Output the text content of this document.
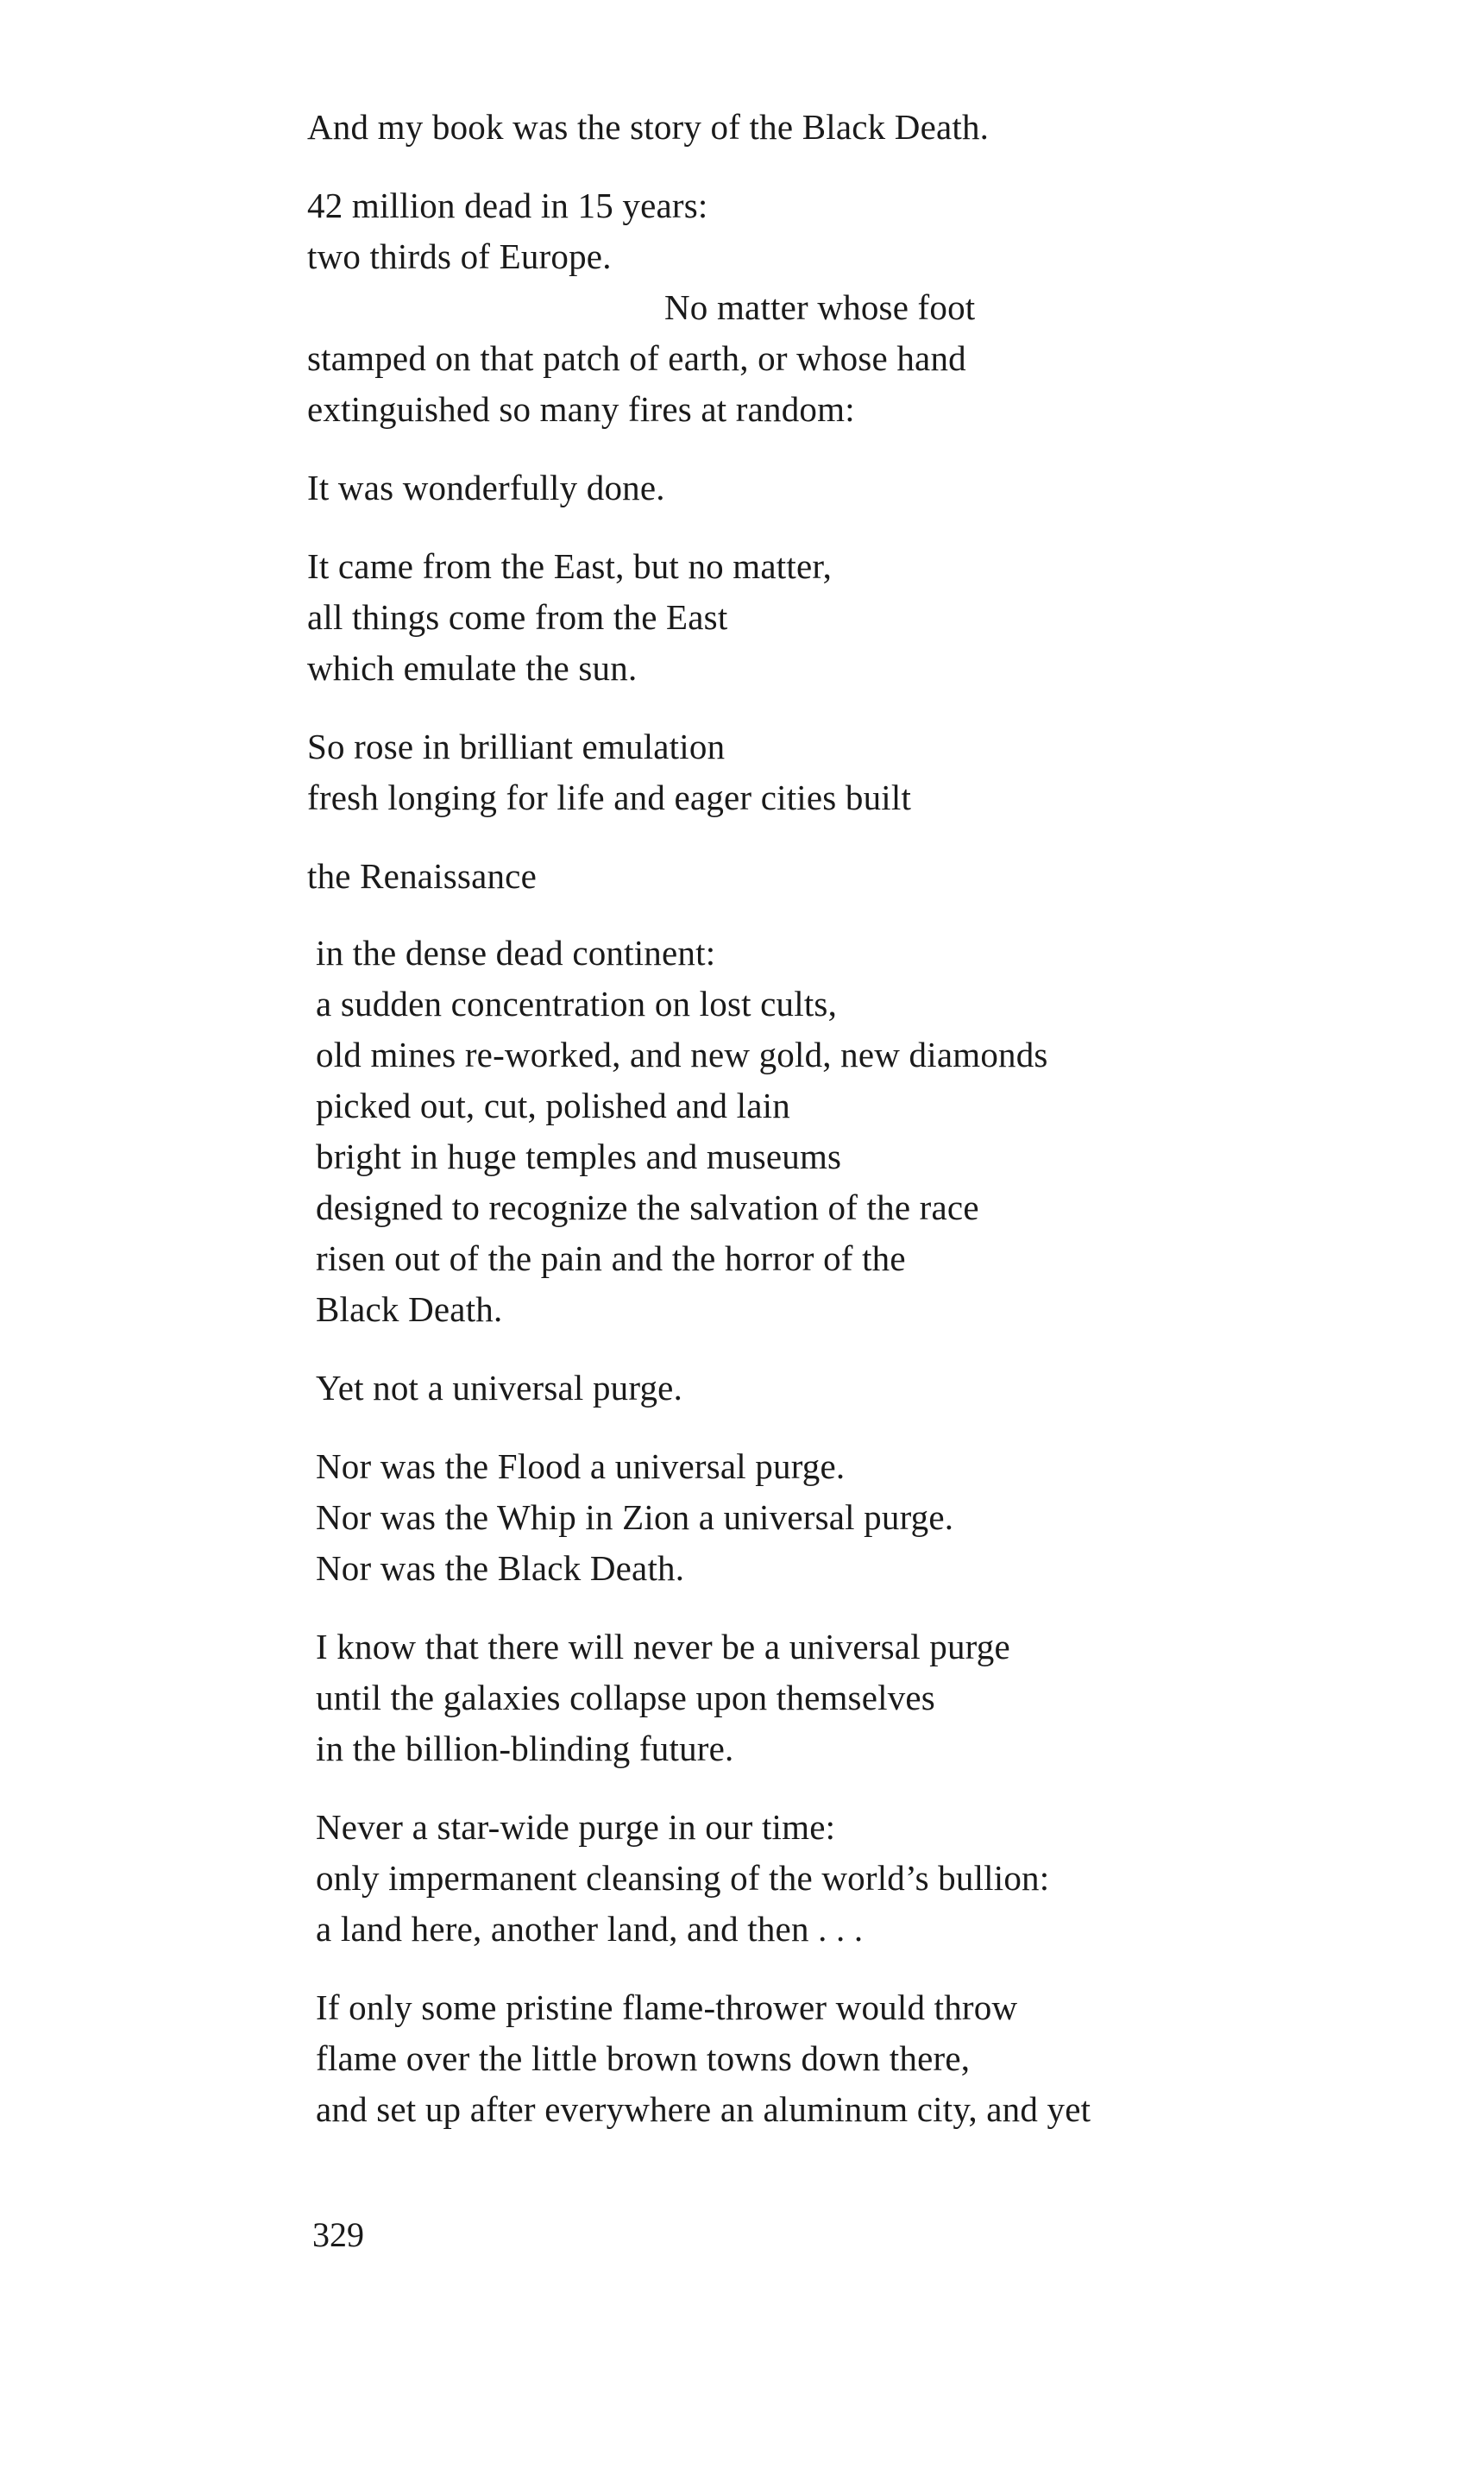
And my book was the story of the Black Death.
42 million dead in 15 years:
two thirds of Europe.
No matter whose foot
stamped on that patch of earth, or whose hand
extinguished so many fires at random:
It was wonderfully done.
It came from the East, but no matter,
all things come from the East
which emulate the sun.
So rose in brilliant emulation
fresh longing for life and eager cities built
the Renaissance
in the dense dead continent:
a sudden concentration on lost cults,
old mines re-worked, and new gold, new diamonds
picked out, cut, polished and lain
bright in huge temples and museums
designed to recognize the salvation of the race
risen out of the pain and the horror of the
Black Death.
Yet not a universal purge.
Nor was the Flood a universal purge.
Nor was the Whip in Zion a universal purge.
Nor was the Black Death.
I know that there will never be a universal purge
until the galaxies collapse upon themselves
in the billion-blinding future.
Never a star-wide purge in our time:
only impermanent cleansing of the world’s bullion:
a land here, another land, and then . . .
If only some pristine flame-thrower would throw
flame over the little brown towns down there,
and set up after everywhere an aluminum city, and yet
329
